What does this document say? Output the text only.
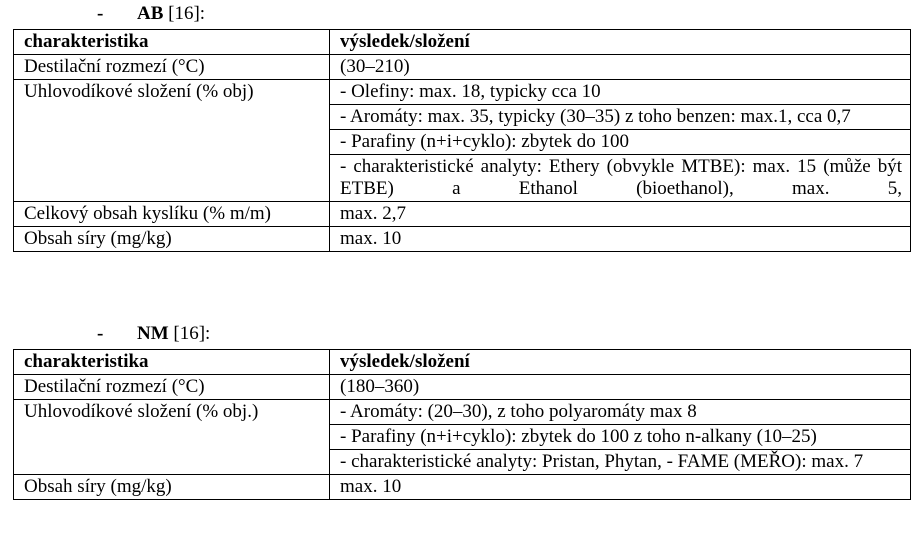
- AB [16]:
charakteristika	výsledek/složení
Destilační rozmezí (°C)	(30–210)
Uhlovodíkové složení (% obj)	- Olefiny: max. 18, typicky cca 10
	- Aromáty: max. 35, typicky (30–35) z toho benzen: max.1, cca 0,7
	- Parafiny (n+i+cyklo): zbytek do 100
	- charakteristické analyty: Ethery (obvykle MTBE): max. 15 (může být ETBE) a Ethanol (bioethanol), max. 5,
Celkový obsah kyslíku (% m/m)	max. 2,7
Obsah síry (mg/kg)	max. 10
- NM [16]:
charakteristika	výsledek/složení
Destilační rozmezí (°C)	(180–360)
Uhlovodíkové složení (% obj.)	- Aromáty: (20–30), z toho polyaromáty max 8
	- Parafiny (n+i+cyklo): zbytek do 100 z toho n-alkany (10–25)
	- charakteristické analyty: Pristan, Phytan, - FAME (MEŘO): max. 7
Obsah síry (mg/kg)	max. 10
